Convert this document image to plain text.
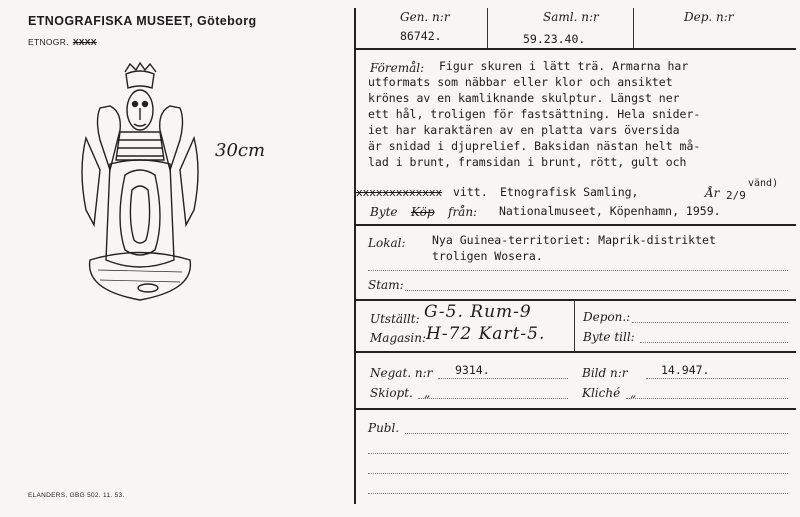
ETNOGRAFISKA MUSEET, Göteborg
ETNOGR. XXXX
ELANDERS, GBG 502. 11. 53.
30cm
Gen. n:r
86742.
Saml. n:r
59.23.40.
Dep. n:r
Föremål: Figur skuren i lätt trä. Armarna har
utformats som näbbar eller klor och ansiktet
krönes av en kamliknande skulptur. Längst ner
ett hål, troligen för fastsättning. Hela snider-
iet har karaktären av en platta vars översida
är snidad i djuprelief. Baksidan nästan helt må-
lad i brunt, framsidan i brunt, rött, gult och
xxxxxxxxxxxxx vitt. Etnografisk Samling,	År 2/9
vänd)
Byte Köp från: Nationalmuseet, Köpenhamn, 1959.
Lokal: Nya Guinea-territoriet: Maprik-distriktet
troligen Wosera.
Stam:
Utställt: G-5. Rum-9
Magasin: H-72 Kart-5.
Depon.:
Byte till:
Negat. n:r 9314.	Bild n:r	14.947.
Skiopt. „	Kliché „
Publ.
